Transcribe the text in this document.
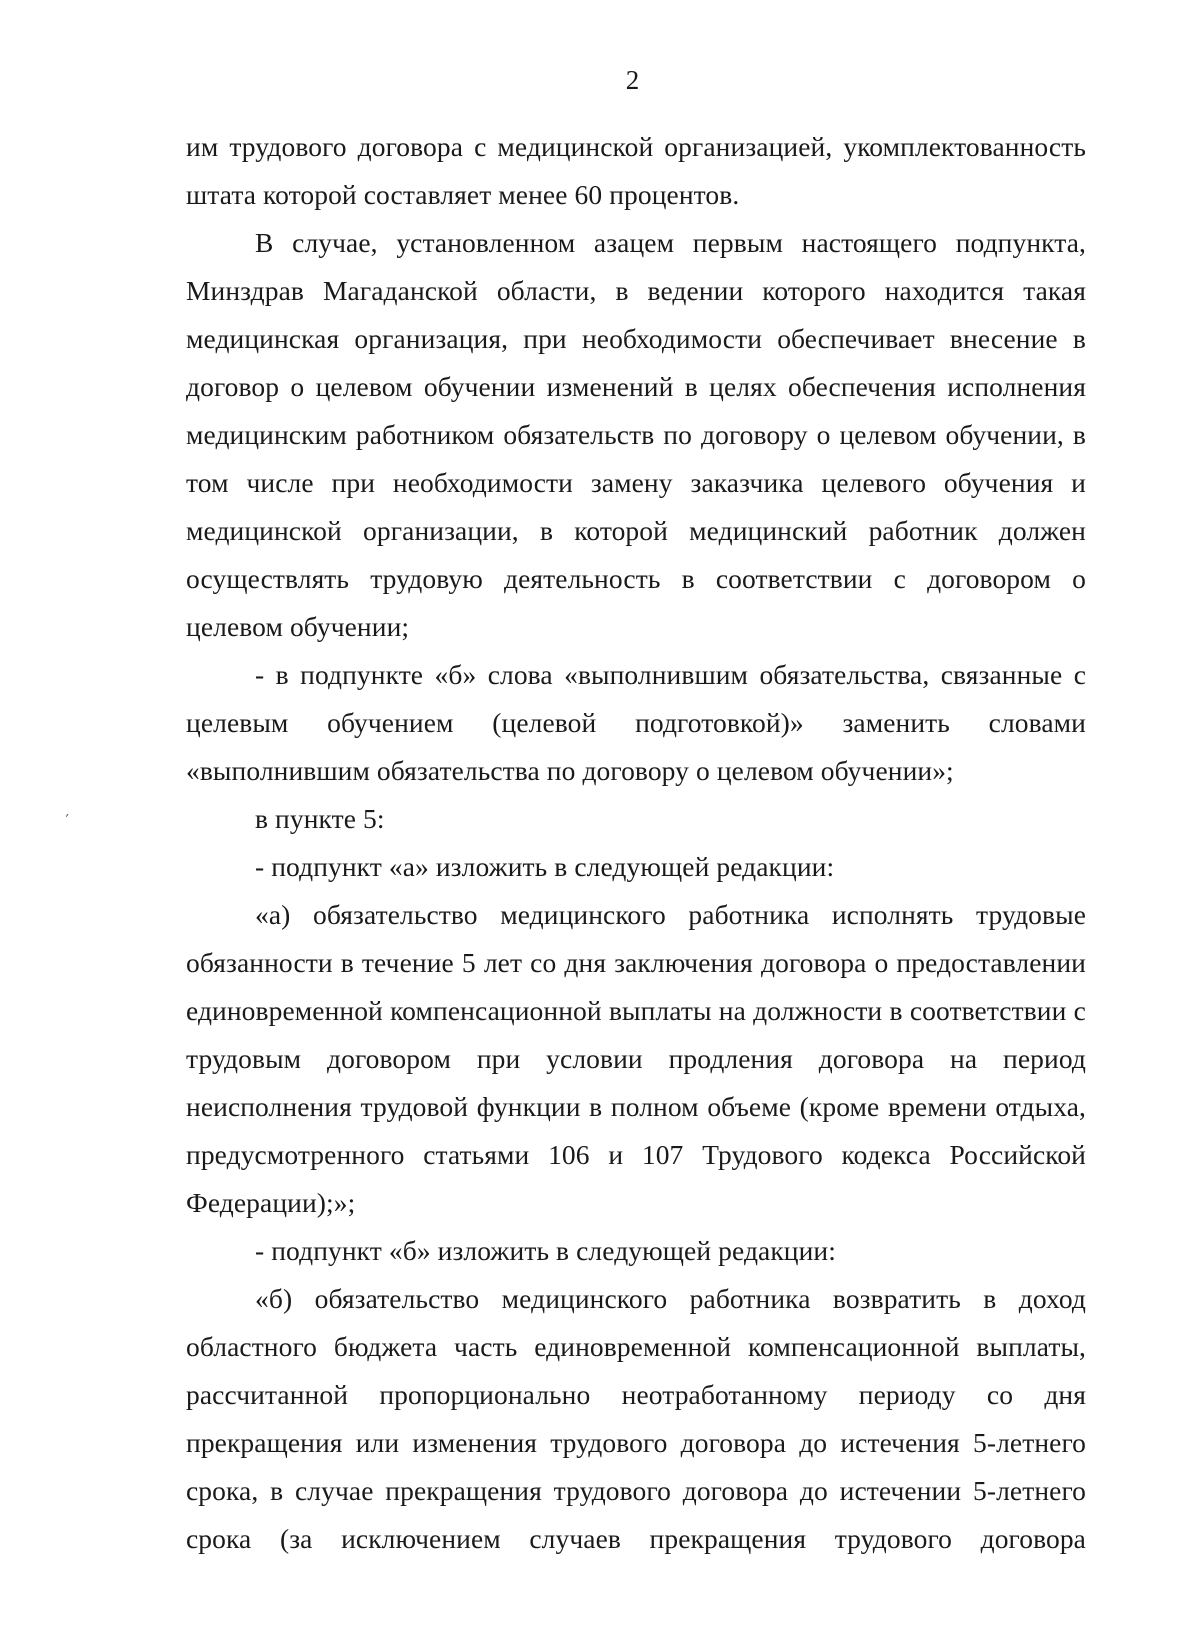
2
ʹ

им трудового договора с медицинской организацией, укомплектованность штата которой составляет менее 60 процентов.

В случае, установленном азацем первым настоящего подпункта, Минздрав Магаданской области, в ведении которого находится такая медицинская организация, при необходимости обеспечивает внесение в договор о целевом обучении изменений в целях обеспечения исполнения медицинским работником обязательств по договору о целевом обучении, в том числе при необходимости замену заказчика целевого обучения и медицинской организации, в которой медицинский работник должен осуществлять трудовую деятельность в соответствии с договором о целевом обучении;

- в подпункте «б» слова «выполнившим обязательства, связанные с целевым обучением (целевой подготовкой)» заменить словами «выполнившим обязательства по договору о целевом обучении»;

в пункте 5:

- подпункт «а» изложить в следующей редакции:

«а) обязательство медицинского работника исполнять трудовые обязанности в течение 5 лет со дня заключения договора о предоставлении единовременной компенсационной выплаты на должности в соответствии с трудовым договором при условии продления договора на период неисполнения трудовой функции в полном объеме (кроме времени отдыха, предусмотренного статьями 106 и 107 Трудового кодекса Российской Федерации);»;

- подпункт «б» изложить в следующей редакции:

«б) обязательство медицинского работника возвратить в доход областного бюджета часть единовременной компенсационной выплаты, рассчитанной пропорционально неотработанному периоду со дня прекращения или изменения трудового договора до истечения 5-летнего срока, в случае прекращения трудового договора до истечении 5-летнего срока (за исключением случаев прекращения трудового договора
